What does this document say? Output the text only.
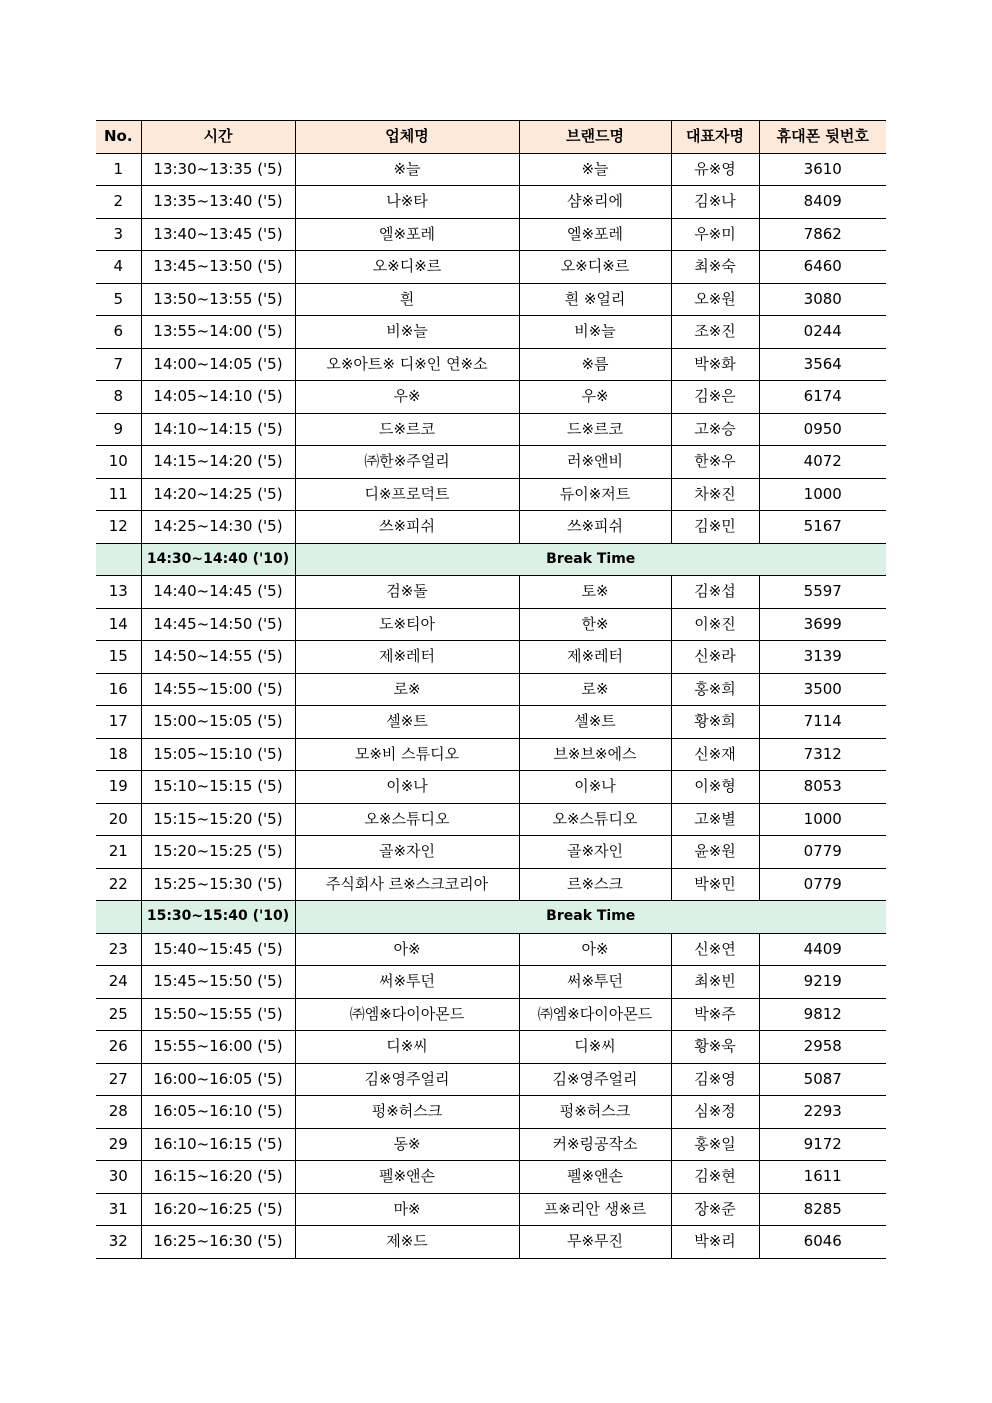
No.	시간	업체명	브랜드명	대표자명	휴대폰 뒷번호
1	13:30~13:35 ('5)	※늘	※늘	유※영	3610
2	13:35~13:40 ('5)	나※타	샴※리에	김※나	8409
3	13:40~13:45 ('5)	엘※포레	엘※포레	우※미	7862
4	13:45~13:50 ('5)	오※디※르	오※디※르	최※숙	6460
5	13:50~13:55 ('5)	흰	흰 ※얼리	오※원	3080
6	13:55~14:00 ('5)	비※늘	비※늘	조※진	0244
7	14:00~14:05 ('5)	오※아트※ 디※인 연※소	※름	박※화	3564
8	14:05~14:10 ('5)	우※	우※	김※은	6174
9	14:10~14:15 ('5)	드※르코	드※르코	고※승	0950
10	14:15~14:20 ('5)	㈜한※주얼리	러※앤비	한※우	4072
11	14:20~14:25 ('5)	디※프로덕트	듀이※저트	차※진	1000
12	14:25~14:30 ('5)	쓰※피쉬	쓰※피쉬	김※민	5167
	14:30~14:40 ('10)	Break Time			
13	14:40~14:45 ('5)	검※돌	토※	김※섭	5597
14	14:45~14:50 ('5)	도※티아	한※	이※진	3699
15	14:50~14:55 ('5)	제※레터	제※레터	신※라	3139
16	14:55~15:00 ('5)	로※	로※	홍※희	3500
17	15:00~15:05 ('5)	셀※트	셀※트	황※희	7114
18	15:05~15:10 ('5)	모※비 스튜디오	브※브※에스	신※재	7312
19	15:10~15:15 ('5)	이※나	이※나	이※형	8053
20	15:15~15:20 ('5)	오※스튜디오	오※스튜디오	고※별	1000
21	15:20~15:25 ('5)	골※자인	골※자인	윤※원	0779
22	15:25~15:30 ('5)	주식회사 르※스크코리아	르※스크	박※민	0779
	15:30~15:40 ('10)	Break Time			
23	15:40~15:45 ('5)	아※	아※	신※연	4409
24	15:45~15:50 ('5)	써※투던	써※투던	최※빈	9219
25	15:50~15:55 ('5)	㈜엠※다이아몬드	㈜엠※다이아몬드	박※주	9812
26	15:55~16:00 ('5)	디※씨	디※씨	황※욱	2958
27	16:00~16:05 ('5)	김※영주얼리	김※영주얼리	김※영	5087
28	16:05~16:10 ('5)	펑※허스크	펑※허스크	심※정	2293
29	16:10~16:15 ('5)	동※	커※링공작소	홍※일	9172
30	16:15~16:20 ('5)	펠※앤손	펠※앤손	김※현	1611
31	16:20~16:25 ('5)	마※	프※리안 생※르	장※준	8285
32	16:25~16:30 ('5)	제※드	무※무진	박※리	6046
